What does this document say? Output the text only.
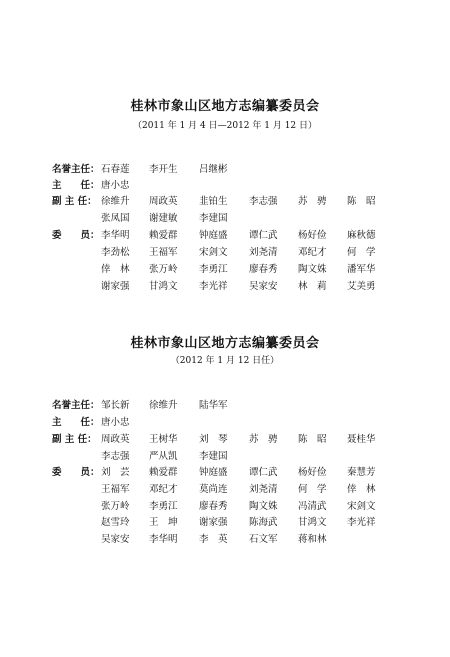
桂林市象山区地方志编纂委员会
（2011 年 1 月 4 日—2012 年 1 月 12 日）
桂林市象山区地方志编纂委员会
（2012 年 1 月 12 日任）
名誉主任： 石春莲 李开生 吕继彬
主　　任： 唐小忠
副 主 任： 徐维升 周政英 韭铂生 李志强 苏　骋 陈　昭
张凤国 谢建敏 李建国
委　　员： 李华明 赖爱群 钟庭盛 谭仁武 杨好俭 麻秋德
李劲松 王福军 宋剑文 刘尧清 邓纪才 何　学
倖　林 张万岭 李勇江 廖春秀 陶文姝 潘军华
谢家强 甘鸿文 李光祥 吴家安 林　莉 艾美勇
名誉主任： 邹长新 徐维升 陆华军
主　　任： 唐小忠
副 主 任： 周政英 王树华 刘　琴 苏　骋 陈　昭 聂桂华
李志强 严从凯 李建国
委　　员： 刘　芸 赖爱群 钟庭盛 谭仁武 杨好俭 秦慧芳
王福军 邓纪才 莫尚连 刘尧清 何　学 倖　林
张万岭 李勇江 廖春秀 陶文姝 冯清武 宋剑文
赵雪玲 王　坤 谢家强 陈海武 甘鸿文 李光祥
吴家安 李华明 李　英 石文军 蒋和林
